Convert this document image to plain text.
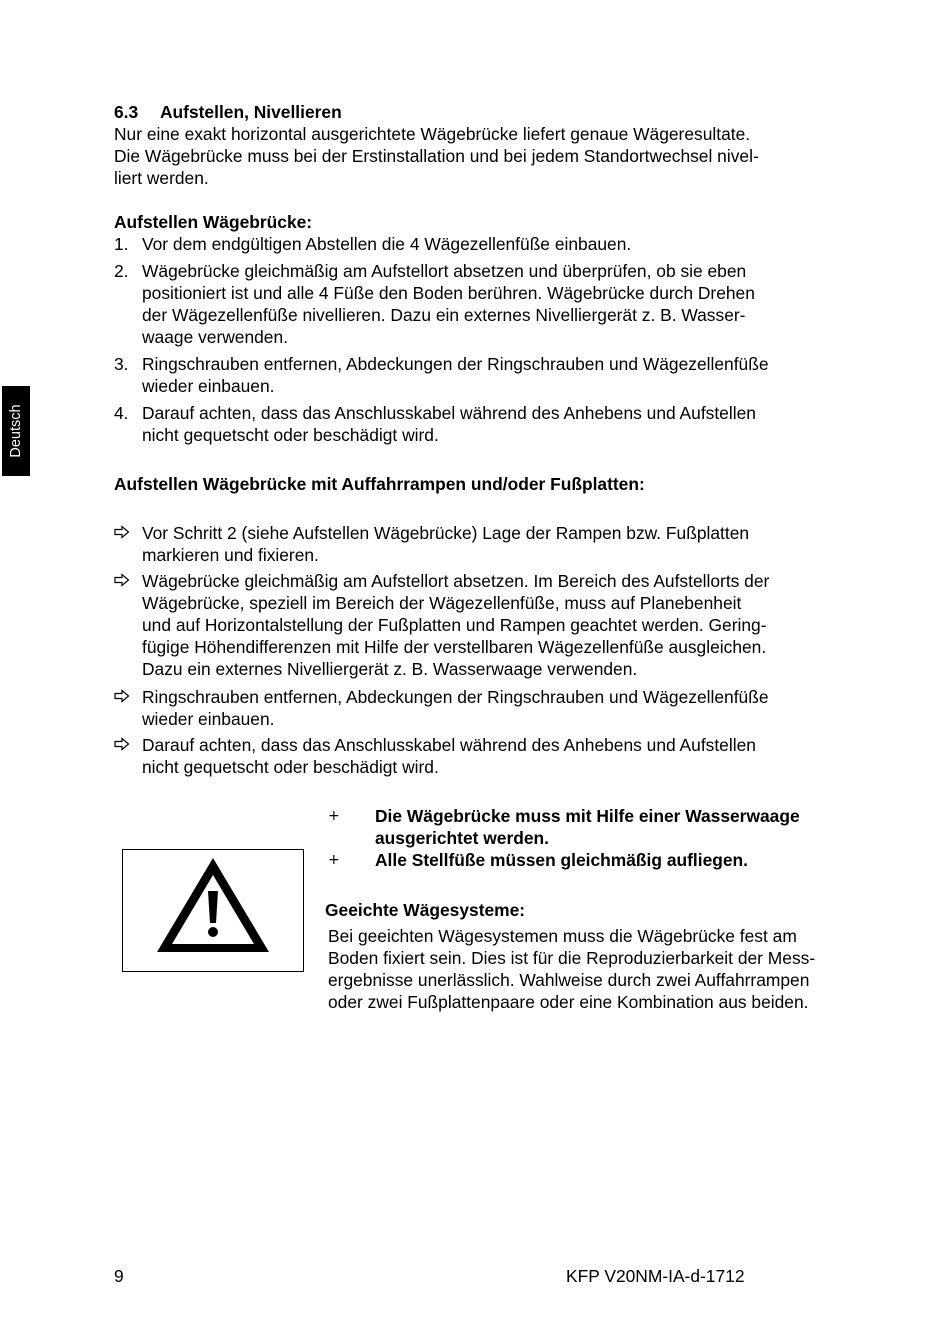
Deutsch
6.3 Aufstellen, Nivellieren
Nur eine exakt horizontal ausgerichtete Wägebrücke liefert genaue Wägeresultate.
Die Wägebrücke muss bei der Erstinstallation und bei jedem Standortwechsel nivel-
liert werden.
Aufstellen Wägebrücke:
1. Vor dem endgültigen Abstellen die 4 Wägezellenfüße einbauen.
2. Wägebrücke gleichmäßig am Aufstellort absetzen und überprüfen, ob sie eben
positioniert ist und alle 4 Füße den Boden berühren. Wägebrücke durch Drehen
der Wägezellenfüße nivellieren. Dazu ein externes Nivelliergerät z. B. Wasser-
waage verwenden.
3. Ringschrauben entfernen, Abdeckungen der Ringschrauben und Wägezellenfüße
wieder einbauen.
4. Darauf achten, dass das Anschlusskabel während des Anhebens und Aufstellen
nicht gequetscht oder beschädigt wird.
Aufstellen Wägebrücke mit Auffahrrampen und/oder Fußplatten:
Vor Schritt 2 (siehe Aufstellen Wägebrücke) Lage der Rampen bzw. Fußplatten
markieren und fixieren.
Wägebrücke gleichmäßig am Aufstellort absetzen. Im Bereich des Aufstellorts der
Wägebrücke, speziell im Bereich der Wägezellenfüße, muss auf Planebenheit
und auf Horizontalstellung der Fußplatten und Rampen geachtet werden. Gering-
fügige Höhendifferenzen mit Hilfe der verstellbaren Wägezellenfüße ausgleichen.
Dazu ein externes Nivelliergerät z. B. Wasserwaage verwenden.
Ringschrauben entfernen, Abdeckungen der Ringschrauben und Wägezellenfüße
wieder einbauen.
Darauf achten, dass das Anschlusskabel während des Anhebens und Aufstellen
nicht gequetscht oder beschädigt wird.
+	Die Wägebrücke muss mit Hilfe einer Wasserwaage
ausgerichtet werden.
+	Alle Stellfüße müssen gleichmäßig aufliegen.
Geeichte Wägesysteme:
Bei geeichten Wägesystemen muss die Wägebrücke fest am
Boden fixiert sein. Dies ist für die Reproduzierbarkeit der Mess-
ergebnisse unerlässlich. Wahlweise durch zwei Auffahrrampen
oder zwei Fußplattenpaare oder eine Kombination aus beiden.
9	KFP V20NM-IA-d-1712
